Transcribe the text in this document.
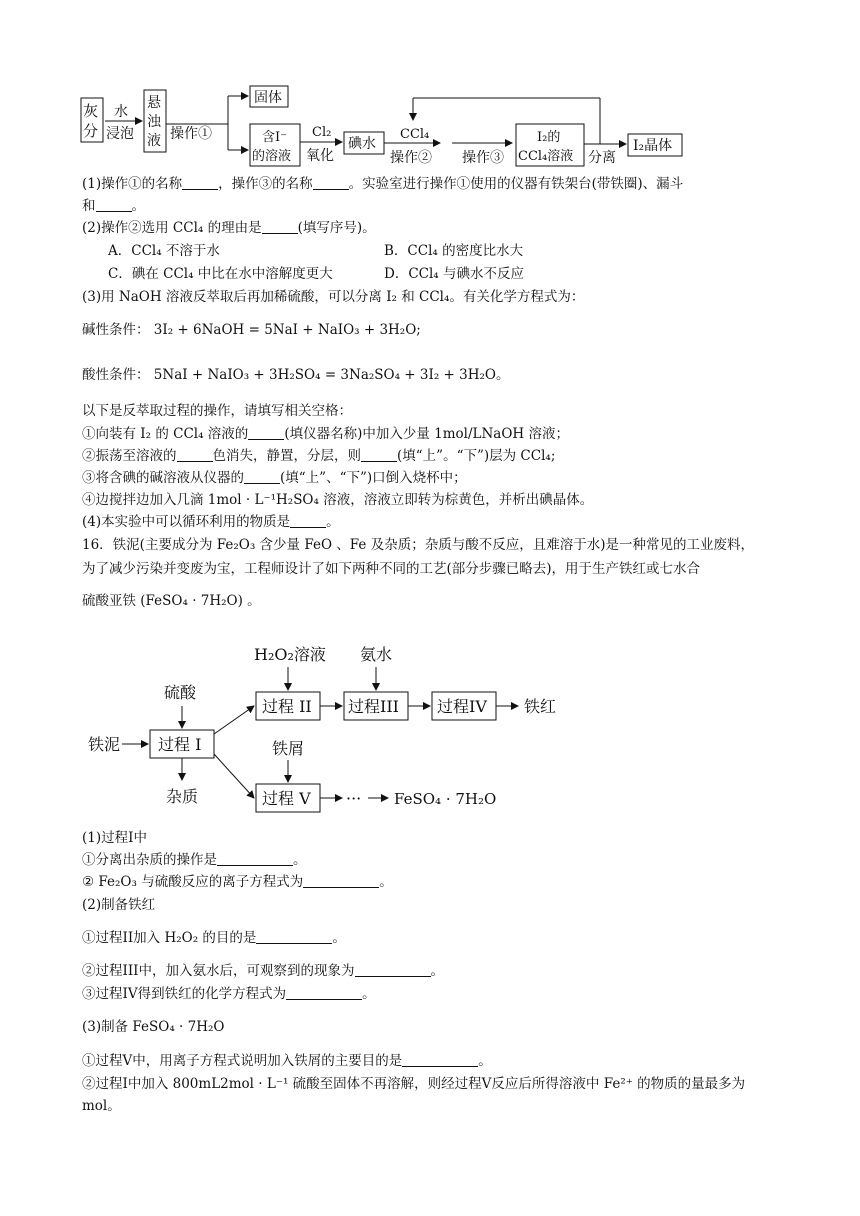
灰
分
水
浸泡
悬
浊
液 操作①
固体
含I⁻
的溶液
Cl₂
氧化
碘水
CCl₄
操作② 操作③
I₂的
CCl₄溶液 分离
I₂晶体
(1)操作①的名称	，操作③的名称	。实验室进行操作①使用的仪器有铁架台(带铁圈)、漏斗
和	。
(2)操作②选用 CCl₄ 的理由是	(填写序号)。
A．CCl₄ 不溶于水	B．CCl₄ 的密度比水大
C．碘在 CCl₄ 中比在水中溶解度更大	D．CCl₄ 与碘水不反应
(3)用 NaOH 溶液反萃取后再加稀硫酸，可以分离 I₂ 和 CCl₄。有关化学方程式为：
碱性条件： 3I₂ + 6NaOH = 5NaI + NaIO₃ + 3H₂O;
酸性条件： 5NaI + NaIO₃ + 3H₂SO₄ = 3Na₂SO₄ + 3I₂ + 3H₂O。
以下是反萃取过程的操作，请填写相关空格：
①向装有 I₂ 的 CCl₄ 溶液的	(填仪器名称)中加入少量 1mol/LNaOH 溶液；
②振荡至溶液的	色消失，静置，分层，则	(填“上”。“下”)层为 CCl₄;
③将含碘的碱溶液从仪器的	(填“上”、“下”)口倒入烧杯中；
④边搅拌边加入几滴 1mol · L⁻¹H₂SO₄ 溶液，溶液立即转为棕黄色，并析出碘晶体。
(4)本实验中可以循环利用的物质是	。
16．铁泥(主要成分为 Fe₂O₃ 含少量 FeO 、Fe 及杂质；杂质与酸不反应，且难溶于水)是一种常见的工业废料，
为了减少污染并变废为宝，工程师设计了如下两种不同的工艺(部分步骤已略去)，用于生产铁红或七水合
硫酸亚铁 (FeSO₄ · 7H₂O) 。
H₂O₂溶液 氨水
硫酸
铁泥 过程 I
过程 II 过程III 过程IV 铁红
杂质
铁屑
过程 V ··· FeSO₄ · 7H₂O
(1)过程I中
①分离出杂质的操作是	。
② Fe₂O₃ 与硫酸反应的离子方程式为	。
(2)制备铁红
①过程II加入 H₂O₂ 的目的是	。
②过程III中，加入氨水后，可观察到的现象为	。
③过程IV得到铁红的化学方程式为	。
(3)制备 FeSO₄ · 7H₂O
①过程V中，用离子方程式说明加入铁屑的主要目的是	。
②过程I中加入 800mL2mol · L⁻¹ 硫酸至固体不再溶解，则经过程V反应后所得溶液中 Fe²⁺ 的物质的量最多为
mol。
